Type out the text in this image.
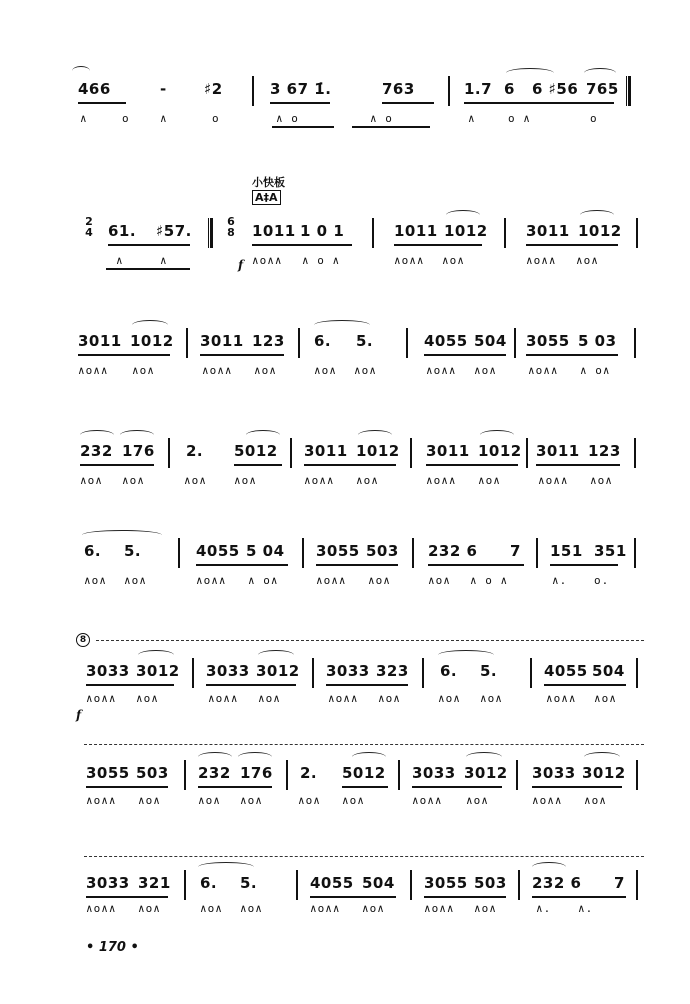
466	- ♯2	3 67 1̇.	763	1.7 6 6 ♯56 765
∧	o	∧	o	∧ o	∧ o	∧	o ∧	o
小快板
A‡A
2
4 61. ♯57.
6
8 1011 1 0 1	1011 1012	3011 1012
f
∧	∧	∧o∧∧ ∧ o ∧	∧o∧∧ ∧o∧	∧o∧∧ ∧o∧
3011 1012 3011 123 6. 5.	4055 504 3055 5 03
∧o∧∧ ∧o∧	∧o∧∧ ∧o∧	∧o∧ ∧o∧	∧o∧∧ ∧o∧	∧o∧∧ ∧ o∧
232 176 2. 5012 3011 1012 3011 1012 3011 123
∧o∧ ∧o∧	∧o∧ ∧o∧	∧o∧∧ ∧o∧	∧o∧∧ ∧o∧	∧o∧∧ ∧o∧
6. 5.	4055 5 04 3055 503 232 6 7 151 351
∧o∧ ∧o∧	∧o∧∧ ∧ o∧	∧o∧∧ ∧o∧	∧o∧ ∧ o ∧	∧. o.
8
3033 3012 3033 3012 3033 323 6. 5.	4055 504
∧o∧∧ ∧o∧	∧o∧∧ ∧o∧	∧o∧∧ ∧o∧	∧o∧ ∧o∧	∧o∧∧ ∧o∧
f
3055 503 232 176 2. 5012 3033 3012 3033 3012
∧o∧∧ ∧o∧	∧o∧ ∧o∧	∧o∧ ∧o∧	∧o∧∧ ∧o∧	∧o∧∧ ∧o∧
3033 321 6. 5.	4055 504 3055 503 232 6 7
∧o∧∧ ∧o∧	∧o∧ ∧o∧	∧o∧∧ ∧o∧	∧o∧∧ ∧o∧	∧. ∧.
• 170 •
